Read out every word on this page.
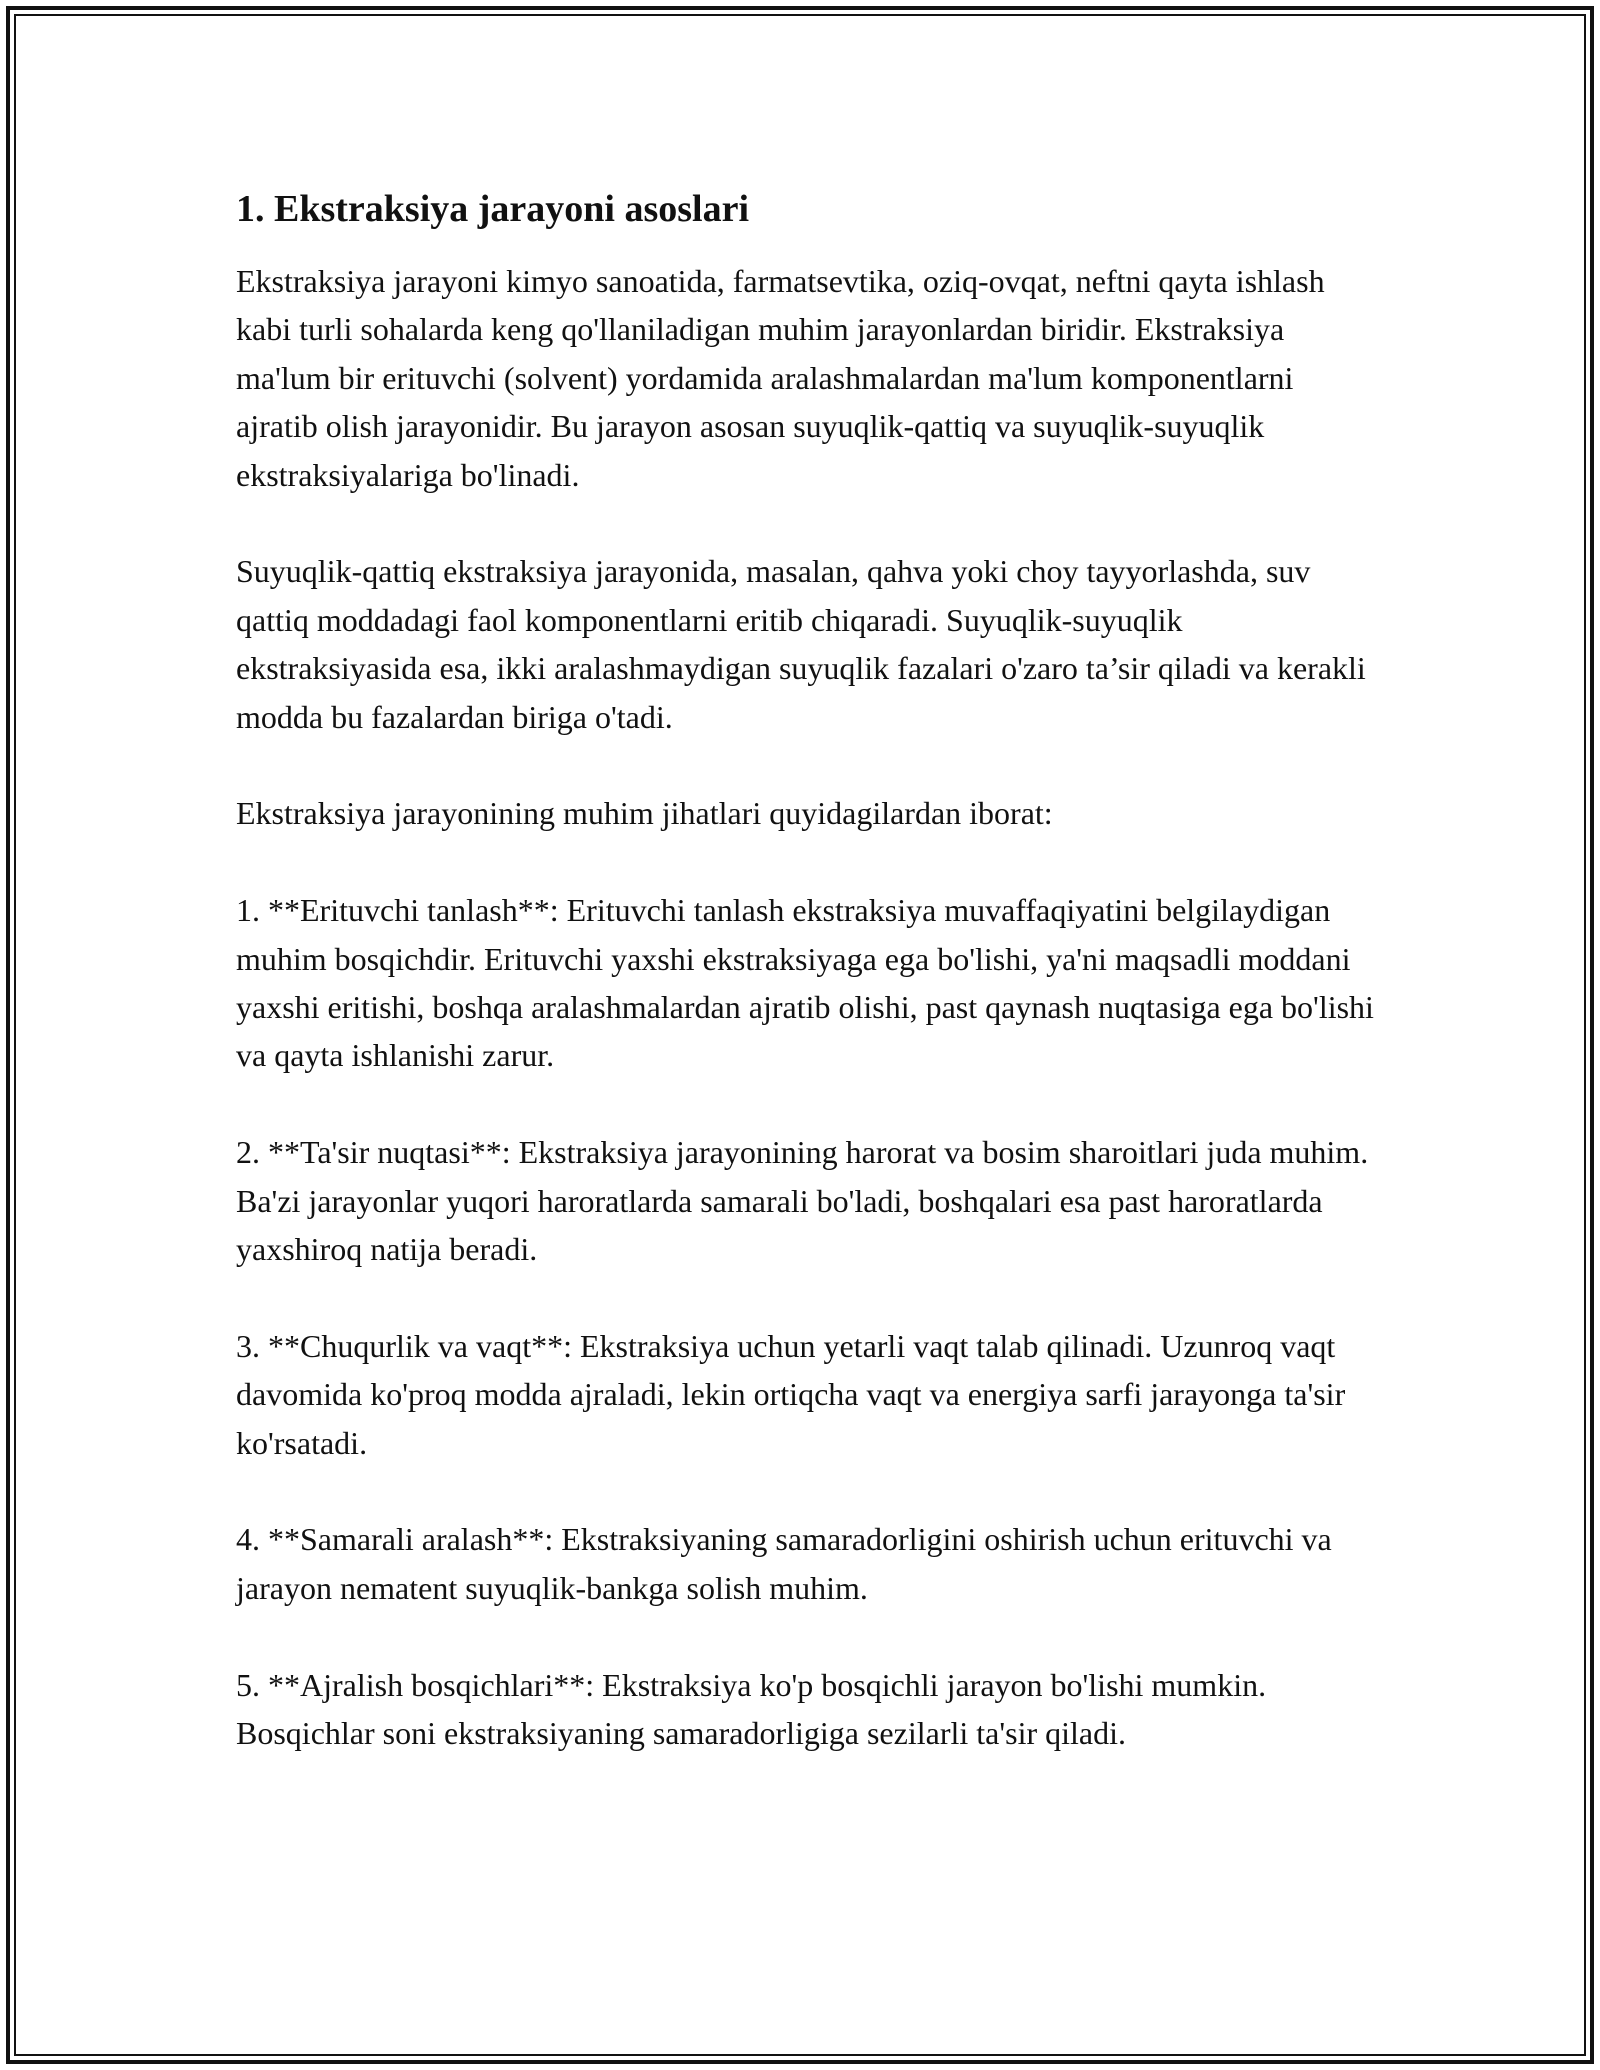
1. Ekstraksiya jarayoni asoslari

Ekstraksiya jarayoni kimyo sanoatida, farmatsevtika, oziq-ovqat, neftni qayta ishlash kabi turli sohalarda keng qo'llaniladigan muhim jarayonlardan biridir. Ekstraksiya ma'lum bir erituvchi (solvent) yordamida aralashmalardan ma'lum komponentlarni ajratib olish jarayonidir. Bu jarayon asosan suyuqlik-qattiq va suyuqlik-suyuqlik ekstraksiyalariga bo'linadi.

Suyuqlik-qattiq ekstraksiya jarayonida, masalan, qahva yoki choy tayyorlashda, suv qattiq moddadagi faol komponentlarni eritib chiqaradi. Suyuqlik-suyuqlik ekstraksiyasida esa, ikki aralashmaydigan suyuqlik fazalari o'zaro ta’sir qiladi va kerakli modda bu fazalardan biriga o'tadi.

Ekstraksiya jarayonining muhim jihatlari quyidagilardan iborat:

1. **Erituvchi tanlash**: Erituvchi tanlash ekstraksiya muvaffaqiyatini belgilaydigan muhim bosqichdir. Erituvchi yaxshi ekstraksiyaga ega bo'lishi, ya'ni maqsadli moddani yaxshi eritishi, boshqa aralashmalardan ajratib olishi, past qaynash nuqtasiga ega bo'lishi va qayta ishlanishi zarur.

2. **Ta'sir nuqtasi**: Ekstraksiya jarayonining harorat va bosim sharoitlari juda muhim. Ba'zi jarayonlar yuqori haroratlarda samarali bo'ladi, boshqalari esa past haroratlarda yaxshiroq natija beradi.

3. **Chuqurlik va vaqt**: Ekstraksiya uchun yetarli vaqt talab qilinadi. Uzunroq vaqt davomida ko'proq modda ajraladi, lekin ortiqcha vaqt va energiya sarfi jarayonga ta'sir ko'rsatadi.

4. **Samarali aralash**: Ekstraksiyaning samaradorligini oshirish uchun erituvchi va jarayon nematent suyuqlik-bankga solish muhim.

5. **Ajralish bosqichlari**: Ekstraksiya ko'p bosqichli jarayon bo'lishi mumkin. Bosqichlar soni ekstraksiyaning samaradorligiga sezilarli ta'sir qiladi.
